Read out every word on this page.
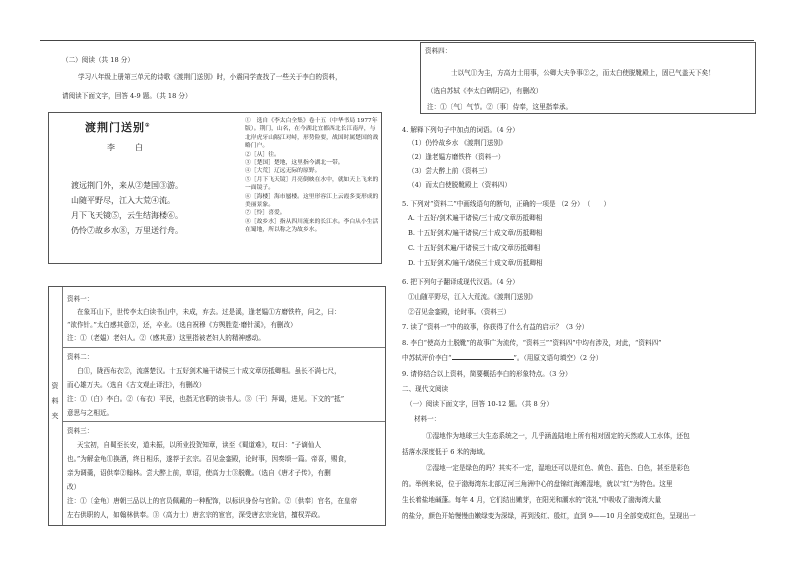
（二）阅读（共 18 分）
学习八年级上册第三单元的诗歌《渡荆门送别》时，小震同学查找了一些关于李白的资料，
请阅读下面文字，回答 4-9 题。（共 18 分）
渡荆门送别①
李　白
渡远荆门外，来从②楚国③游。
山随平野尽，江入大荒④流。
月下飞天镜⑤，云生结海楼⑥。
仍怜⑦故乡水⑧，万里送行舟。
①　选自《李太白全集》卷十五（中华书局 1977年版）。荆门，山名，在今湖北宜都西北长江南岸，与北岸虎牙山隔江对峙，形势险要，战国时属楚国的战略门户。
②［从］往。
③［楚国］楚地，这里指今湖北一带。
④［大荒］辽远无际的原野。
⑤［月下飞天镜］月亮倒映在水中，就如天上飞来的一面镜子。
⑥［海楼］海市蜃楼。这里形容江上云霞多变形成的美丽景象。
⑦［怜］喜爱。
⑧［故乡水］指从四川流来的长江水。李白从小生活在蜀地，所以称之为故乡水。
资
料
夹
资料一：
在象耳山下，世传李太白读书山中，未成，弃去。过是溪，逢老媪①方磨铁杵，问之，曰：
“欲作针。”太白感其意②，还，卒业。（选自祝穆《方舆胜览·磨针溪》，有删改）
注：①（老媪）老妇人。②（感其意）这里指被老妇人的精神感动。
资料二：
白①，陇西布衣②，流落楚汉。十五好剑术遍干诸侯三十成文章历抵卿相。虽长不满七尺，
而心雄万夫。（选自《古文观止译注》，有删改）
注：①（白）李白。②（布衣）平民，也指无官职的读书人。③〔干〕拜谒，进见。下文的“抵”
意思与之相近。
资料三：
天宝初，自蜀至长安，道未振，以所业投贺知章，读至《蜀道难》，叹曰：“子谪仙人
也。”为解金龟①换酒，终日相乐，遂荐于玄宗。召见金銮殿，论时事，因奏颂一篇。帝喜，赐食，
亲为调羹，诏供奉②翰林。尝大醉上前，草诏，使高力士③脱靴。（选自《唐才子传》，有删
改）
注：①〔金龟〕唐朝三品以上的官员佩戴的一种配饰，以标识身份与官阶。②〔供奉〕官名，在皇帝
左右供职的人，如翰林供奉。③（高力士）唐玄宗的宦官，深受唐玄宗宠信，擅权弄政。
资料四：
士以气①为主，方高力士用事，公卿大夫争事②之，而太白使脱靴殿上，固已气盖天下矣！
（选自苏轼《李太白碑阴记》，有删改）
注：①〔气〕气节。②〔事〕侍奉，这里指奉承。
4. 解释下列句子中加点的词语。（4 分）
（1）仍怜故乡水 《渡荆门送别》
（2）逢老媪方磨铁杵（资料一）
（3）尝大醉上前（资料三）
（4）而太白使脱靴殿上（资料四）
5. 下列对“资料二”中画线语句的断句，正确的一项是 （2 分）　（　　）
A. 十五好/剑术遍干诸侯/三十成/文章历抵卿相
B. 十五好剑术/遍干诸侯/三十成文章/历抵卿相
C. 十五好剑术遍/干诸侯三十成/文章历抵卿相
D. 十五好剑术/遍干/诸侯三十成文章/历抵卿相
6. 把下列句子翻译成现代汉语。（4 分）
①山随平野尽，江入大荒流。《渡荆门送别》
②召见金銮殿，论时事。（资料三）
7. 读了“资料一”中的故事，你获得了什么有益的启示？（3 分）
8. 李白“使高力士脱靴”的故事广为流传，“资料三”“资料四”中均有涉及，对此，“资料四”
中苏轼评价李白“	”。（用原文语句填空）（2 分）
9. 请你结合以上资料，简要概括李白的形象特点。（3 分）
二、现代文阅读
（一）阅读下面文字，回答 10-12 题。（共 8 分）
材料一：
①湿地作为地球三大生态系统之一，几乎涵盖陆地上所有相对固定的天然或人工水体，还包
括落水深度低于 6 米的海域。
②湿地一定是绿色的吗？其实不一定，湿地还可以是红色、黄色、蓝色、白色，甚至是彩色
的。举例来说，位于渤海湾东北部辽河三角洲中心的盘锦红海滩湿地，就以“红”为特色。这里
生长着盐地碱蓬。每年 4 月，它们结出嫩芽，在阳光和潮水的“洗礼”中吸收了渤海湾大量
的盐分，颜色开始慢慢由嫩绿变为深绿，再到浅红、殷红，直到 9——10 月全部变成红色，呈现出一
